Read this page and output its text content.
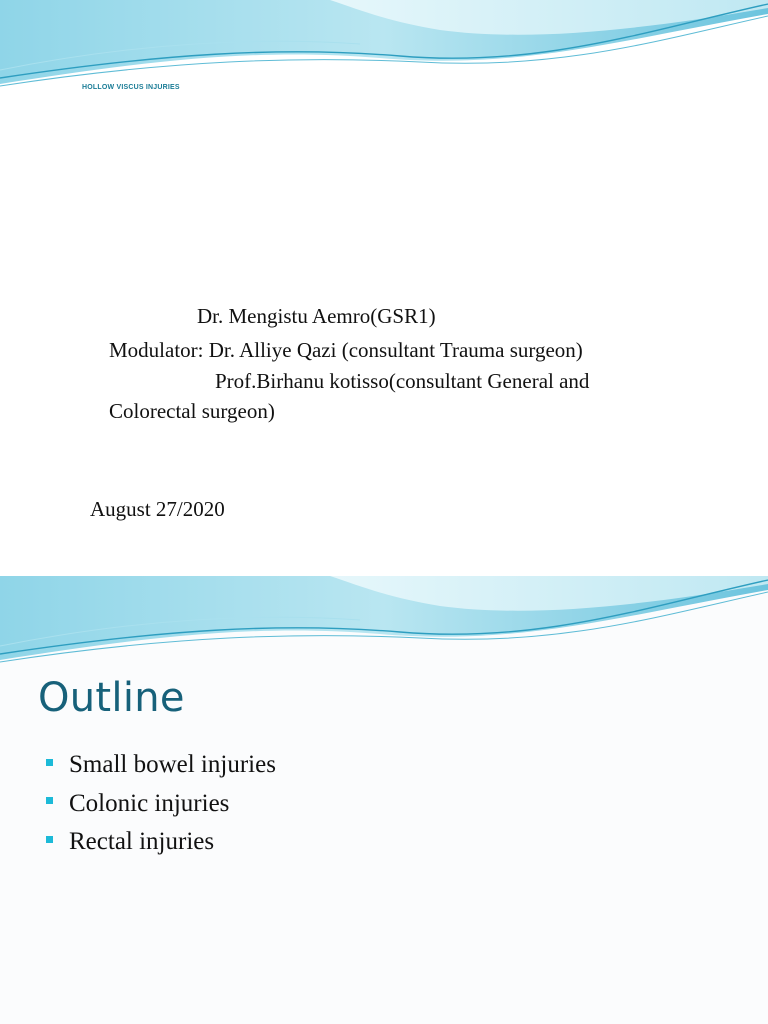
HOLLOW VISCUS INJURIES
Dr. Mengistu Aemro(GSR1)
Modulator: Dr. Alliye Qazi (consultant Trauma surgeon)
Prof.Birhanu kotisso(consultant General and
Colorectal surgeon)
August 27/2020
Outline
Small bowel injuries
Colonic injuries
Rectal injuries
